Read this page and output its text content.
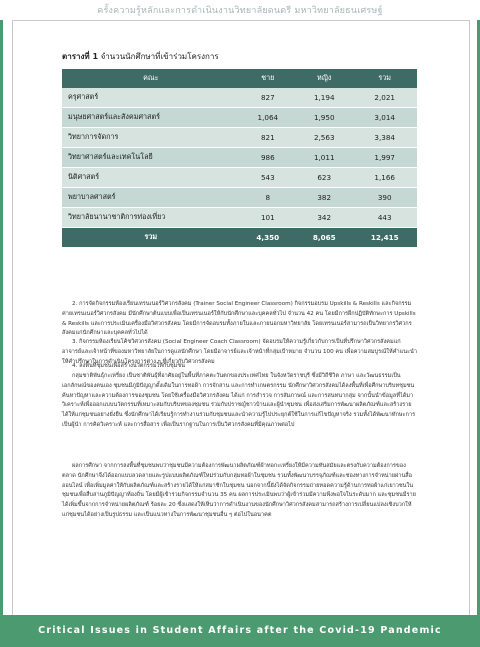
ครั้งความรู้หลักและการดำเนินงานวิทยาลัยดนตรี มหาวิทยาลัยธนเศรษฐ์
ตารางที่ 1 จำนวนนักศึกษาที่เข้าร่วมโครงการ
คณะ	ชาย	หญิง	รวม
ครุศาสตร์	827	1,194	2,021
มนุษยศาสตร์และสังคมศาสตร์	1,064	1,950	3,014
วิทยาการจัดการ	821	2,563	3,384
วิทยาศาสตร์และเทคโนโลยี	986	1,011	1,997
นิติศาสตร์	543	623	1,166
พยาบาลศาสตร์	8	382	390
วิทยาลัยนานาชาติการท่องเที่ยว	101	342	443
รวม	4,350	8,065	12,415
2. การจัดกิจกรรมห้องเรียนเทรนเนอร์วิศวกรสังคม (Trainer Social Engineer Classroom) กิจกรรมอบรม Upskills & Reskills และกิจกรรมค่ายเทรนเนอร์วิศวกรสังคม มีนักศึกษาต้นแบบเพื่อเป็นเทรนเนอร์ให้กับนักศึกษาและบุคคลทั่วไป จำนวน 42 คน โดยมีการฝึกปฏิบัติทักษะการ Upskills & Reskills และการประเมินเครื่องมือวิศวกรสังคม โดยมีการจัดอบรมทั้งภายในและภายนอกมหาวิทยาลัย โดยเทรนเนอร์สามารถเป็นวิทยากรวิศวกรสังคมแก่นักศึกษาและบุคคลทั่วไปได้
3. กิจกรรมห้องเรียนโค้ชวิศวกรสังคม (Social Engineer Coach Classroom) จัดอบรมให้ความรู้เกี่ยวกับการเป็นที่ปรึกษาวิศวกรสังคมแก่อาจารย์และเจ้าหน้าที่ของมหาวิทยาลัยในการดูแลนักศึกษา โดยมีอาจารย์และเจ้าหน้าที่กลุ่มเป้าหมาย จำนวน 100 คน เพื่อความสมบูรณ์ให้คำแนะนำ ให้คำปรึกษาในการดำเนินโครงการต่าง ๆ ที่เกี่ยวกับวิศวกรสังคม
4. ลงพื้นที่ชุมชนเพื่อสร้างนวัตกรรมให้กับชุมชน
กลุ่มชาติพันธุ์กะเหรี่ยง เป็นชาติพันธุ์ที่อาศัยอยู่ในพื้นที่ภาคตะวันตกของประเทศไทย ในจังหวัดราชบุรี ซึ่งมีวิถีชีวิต ภาษา และวัฒนธรรมเป็นเอกลักษณ์ของตนเอง ชุมชนมีภูมิปัญญาดั้งเดิมในการทอผ้า การจักสาน และการทำเกษตรกรรม นักศึกษาวิศวกรสังคมได้ลงพื้นที่เพื่อศึกษาบริบทชุมชน ค้นหาปัญหาและความต้องการของชุมชน โดยใช้เครื่องมือวิศวกรสังคม ได้แก่ การสำรวจ การสัมภาษณ์ และการสนทนากลุ่ม จากนั้นนำข้อมูลที่ได้มาวิเคราะห์เพื่อออกแบบนวัตกรรมที่เหมาะสมกับบริบทของชุมชน ร่วมกับปราชญ์ชาวบ้านและผู้นำชุมชน เพื่อส่งเสริมการพัฒนาผลิตภัณฑ์และสร้างรายได้ให้แก่ชุมชนอย่างยั่งยืน ซึ่งนักศึกษาได้เรียนรู้การทำงานร่วมกับชุมชนและนำความรู้ไปประยุกต์ใช้ในการแก้ไขปัญหาจริง รวมทั้งได้พัฒนาทักษะการเป็นผู้นำ การคิดวิเคราะห์ และการสื่อสาร เพื่อเป็นรากฐานในการเป็นวิศวกรสังคมที่มีคุณภาพต่อไป
ผลการศึกษา จากการลงพื้นที่ชุมชนพบว่าชุมชนมีความต้องการพัฒนาผลิตภัณฑ์ผ้าทอกะเหรี่ยงให้มีความทันสมัยและตรงกับความต้องการของตลาด นักศึกษาจึงได้ออกแบบลวดลายและรูปแบบผลิตภัณฑ์ใหม่ร่วมกับกลุ่มทอผ้าในชุมชน รวมทั้งพัฒนาบรรจุภัณฑ์และช่องทางการจำหน่ายผ่านสื่อออนไลน์ เพื่อเพิ่มมูลค่าให้กับผลิตภัณฑ์และสร้างรายได้ให้แก่สมาชิกในชุมชน นอกจากนี้ยังได้จัดกิจกรรมถ่ายทอดความรู้ด้านการทอผ้าแก่เยาวชนในชุมชนเพื่อสืบสานภูมิปัญญาท้องถิ่น โดยมีผู้เข้าร่วมกิจกรรมจำนวน 35 คน ผลการประเมินพบว่าผู้เข้าร่วมมีความพึงพอใจในระดับมาก และชุมชนมีรายได้เพิ่มขึ้นจากการจำหน่ายผลิตภัณฑ์ ร้อยละ 20 ซึ่งแสดงให้เห็นว่าการดำเนินงานของนักศึกษาวิศวกรสังคมสามารถสร้างการเปลี่ยนแปลงเชิงบวกให้แก่ชุมชนได้อย่างเป็นรูปธรรม และเป็นแนวทางในการพัฒนาชุมชนอื่น ๆ ต่อไปในอนาคต
Critical Issues in Student Affairs after the Covid-19 Pandemic
